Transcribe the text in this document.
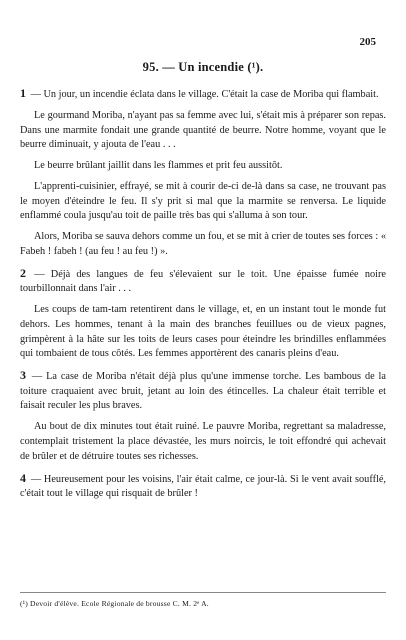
205
95. — Un incendie (¹).

1 — Un jour, un incendie éclata dans le village. C'était la case de Moriba qui flambait.

Le gourmand Moriba, n'ayant pas sa femme avec lui, s'était mis à préparer son repas. Dans une marmite fondait une grande quantité de beurre. Notre homme, voyant que le beurre diminuait, y ajouta de l'eau . . .

Le beurre brûlant jaillit dans les flammes et prit feu aussitôt.

L'apprenti-cuisinier, effrayé, se mit à courir de-ci de-là dans sa case, ne trouvant pas le moyen d'éteindre le feu. Il s'y prit si mal que la marmite se renversa. Le liquide enflammé coula jusqu'au toit de paille très bas qui s'alluma à son tour.

Alors, Moriba se sauva dehors comme un fou, et se mit à crier de toutes ses forces : « Fabeh ! fabeh ! (au feu ! au feu !) ».

2 — Déjà des langues de feu s'élevaient sur le toit. Une épaisse fumée noire tourbillonnait dans l'air . . .

Les coups de tam-tam retentirent dans le village, et, en un instant tout le monde fut dehors. Les hommes, tenant à la main des branches feuillues ou de vieux pagnes, grimpèrent à la hâte sur les toits de leurs cases pour éteindre les brindilles enflammées qui tombaient de tous côtés. Les femmes apportèrent des canaris pleins d'eau.

3 — La case de Moriba n'était déjà plus qu'une immense torche. Les bambous de la toiture craquaient avec bruit, jetant au loin des étincelles. La chaleur était terrible et faisait reculer les plus braves.

Au bout de dix minutes tout était ruiné. Le pauvre Moriba, regrettant sa maladresse, contemplait tristement la place dévastée, les murs noircis, le toit effondré qui achevait de brûler et de détruire toutes ses richesses.

4 — Heureusement pour les voisins, l'air était calme, ce jour-là. Si le vent avait soufflé, c'était tout le village qui risquait de brûler !

(¹) Devoir d'élève. Ecole Régionale de brousse C. M. 2ᵉ A.
